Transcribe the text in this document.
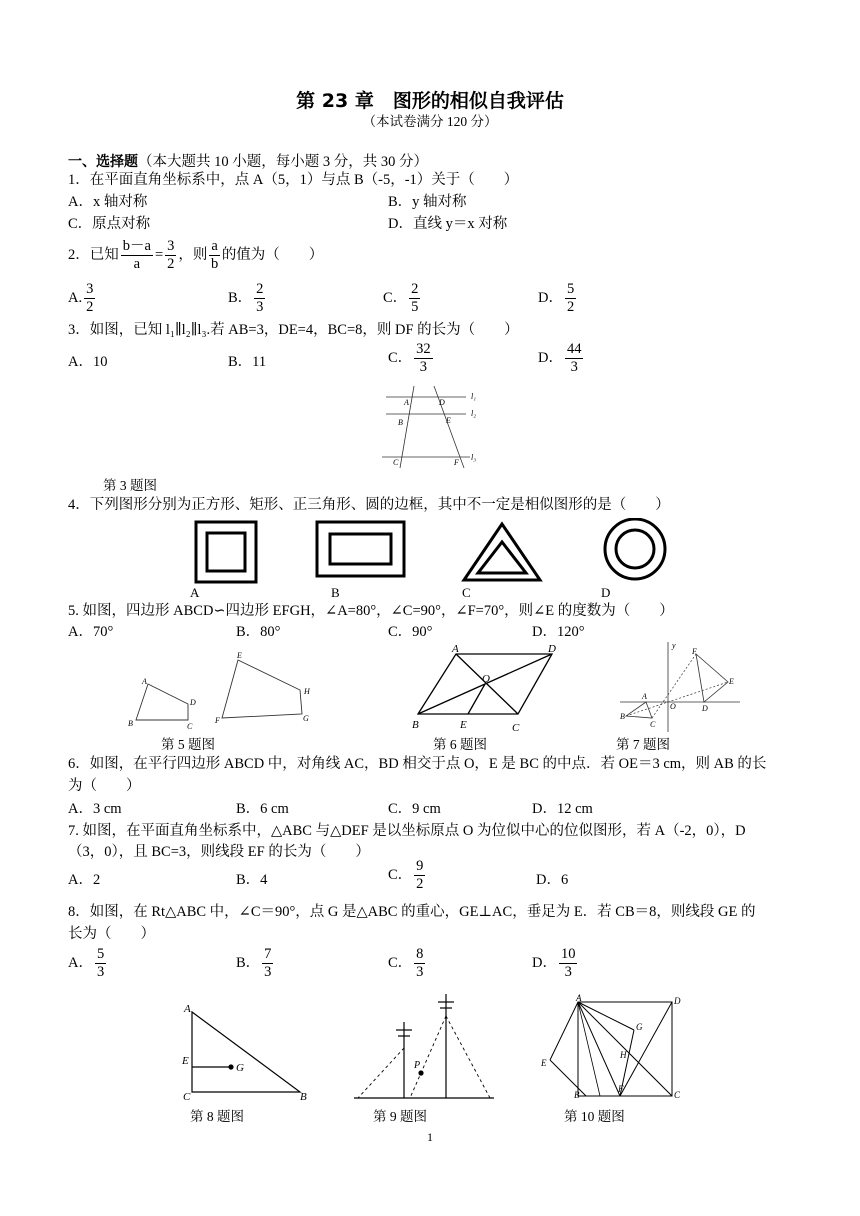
第 23 章　图形的相似自我评估
（本试卷满分 120 分）
一、选择题（本大题共 10 小题，每小题 3 分，共 30 分）
1．在平面直角坐标系中，点 A（5，1）与点 B（-5，-1）关于（　　）
A．x 轴对称	B．y 轴对称
C．原点对称	D．直线 y＝x 对称
2．已知 $\frac{b-a}{a} = \frac{3}{2}$ ，则 $\frac{a}{b}$ 的值为（　　）
A. $\frac{3}{2}$	B． $\frac{2}{3}$	C． $\frac{2}{5}$	D． $\frac{5}{2}$
3．如图，已知 l₁∥l₂∥l₃.若 AB=3，DE=4，BC=8，则 DF 的长为（　　）
A．10	B．11	C． $\frac{32}{3}$	D． $\frac{44}{3}$
A	D
B	E
C	F
l₁
l₂
l₃
第 3 题图
4．下列图形分别为正方形、矩形、正三角形、圆的边框，其中不一定是相似图形的是（　　）
A	B	C	D
5. 如图，四边形 ABCD∽四边形 EFGH，∠A=80°，∠C=90°，∠F=70°，则∠E 的度数为（　　）
A．70°	B．80°	C．90°	D．120°
A
B	C
D
E
F	G
H
第 5 题图
A	D
O
B	E	C
第 6 题图
y
F
E
A
O	D
B
C
第 7 题图
6．如图，在平行四边形 ABCD 中，对角线 AC，BD 相交于点 O，E 是 BC 的中点．若 OE＝3 cm，则 AB 的长
为（　　）
A．3 cm	B．6 cm	C．9 cm	D．12 cm
7. 如图，在平面直角坐标系中，△ABC 与△DEF 是以坐标原点 O 为位似中心的位似图形，若 A（-2，0），D
（3，0），且 BC=3，则线段 EF 的长为（　　）
A．2	B．4	C． $\frac{9}{2}$	D．6
8．如图，在 Rt△ABC 中，∠C＝90°，点 G 是△ABC 的重心，GE⊥AC，垂足为 E．若 CB＝8，则线段 GE 的
长为（　　）
A． $\frac{5}{3}$	B． $\frac{7}{3}$	C． $\frac{8}{3}$	D． $\frac{10}{3}$
A
E
G
C	B
第 8 题图
P
第 9 题图
A	D
G
H
E
B
F
C
第 10 题图
1
